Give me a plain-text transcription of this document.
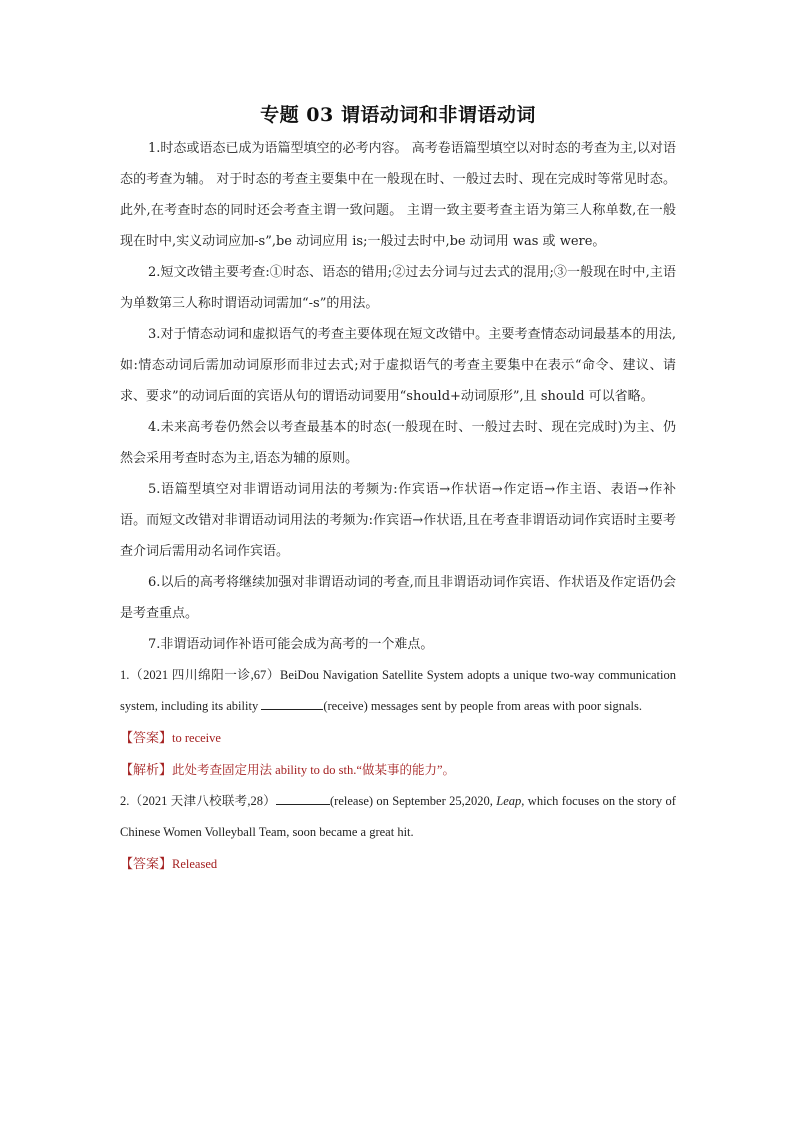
专题 03 谓语动词和非谓语动词

1.时态或语态已成为语篇型填空的必考内容。 高考卷语篇型填空以对时态的考查为主,以对语态的考查为辅。 对于时态的考查主要集中在一般现在时、一般过去时、现在完成时等常见时态。 此外,在考查时态的同时还会考查主谓一致问题。 主谓一致主要考查主语为第三人称单数,在一般现在时中,实义动词应加-s”,be 动词应用 is;一般过去时中,be 动词用 was 或 were。

2.短文改错主要考查:①时态、语态的错用;②过去分词与过去式的混用;③一般现在时中,主语为单数第三人称时谓语动词需加“-s”的用法。

3.对于情态动词和虚拟语气的考查主要体现在短文改错中。主要考查情态动词最基本的用法,如:情态动词后需加动词原形而非过去式;对于虚拟语气的考查主要集中在表示“命令、建议、请求、要求”的动词后面的宾语从句的谓语动词要用“should+动词原形”,且 should 可以省略。

4.未来高考卷仍然会以考查最基本的时态(一般现在时、一般过去时、现在完成时)为主、仍然会采用考查时态为主,语态为辅的原则。

5.语篇型填空对非谓语动词用法的考频为:作宾语→作状语→作定语→作主语、表语→作补语。而短文改错对非谓语动词用法的考频为:作宾语→作状语,且在考查非谓语动词作宾语时主要考查介词后需用动名词作宾语。

6.以后的高考将继续加强对非谓语动词的考查,而且非谓语动词作宾语、作状语及作定语仍会是考查重点。

7.非谓语动词作补语可能会成为高考的一个难点。

1.（2021 四川绵阳一诊,67）BeiDou Navigation Satellite System adopts a unique two-way communication system, including its ability	(receive) messages sent by people from areas with poor signals.

【答案】to receive

【解析】此处考查固定用法 ability to do sth.“做某事的能力”。

2.（2021 天津八校联考,28）	(release) on September 25,2020, Leap, which focuses on the story of Chinese Women Volleyball Team, soon became a great hit.

【答案】Released
